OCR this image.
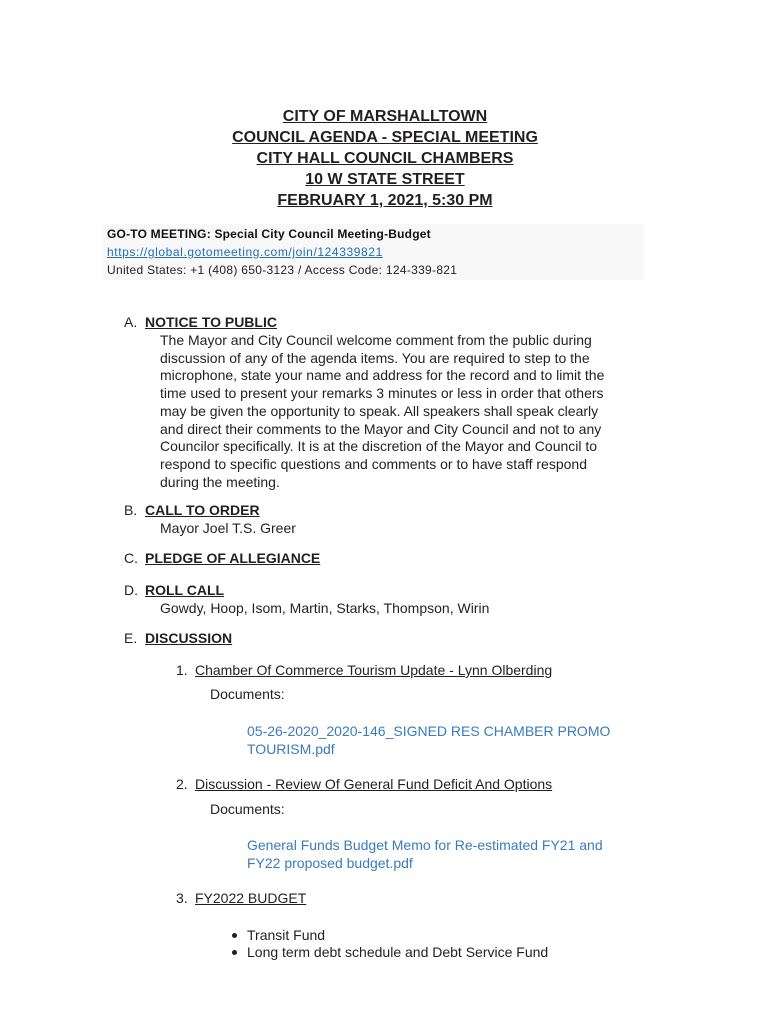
CITY OF MARSHALLTOWN
COUNCIL AGENDA - SPECIAL MEETING
CITY HALL COUNCIL CHAMBERS
10 W STATE STREET
FEBRUARY 1, 2021, 5:30 PM
GO-TO MEETING: Special City Council Meeting-Budget
https://global.gotomeeting.com/join/124339821
United States: +1 (408) 650-3123 / Access Code: 124-339-821
A. NOTICE TO PUBLIC
The Mayor and City Council welcome comment from the public during
discussion of any of the agenda items. You are required to step to the
microphone, state your name and address for the record and to limit the
time used to present your remarks 3 minutes or less in order that others
may be given the opportunity to speak. All speakers shall speak clearly
and direct their comments to the Mayor and City Council and not to any
Councilor specifically. It is at the discretion of the Mayor and Council to
respond to specific questions and comments or to have staff respond
during the meeting.
B. CALL TO ORDER
Mayor Joel T.S. Greer
C. PLEDGE OF ALLEGIANCE
D. ROLL CALL
Gowdy, Hoop, Isom, Martin, Starks, Thompson, Wirin
E. DISCUSSION
1. Chamber Of Commerce Tourism Update - Lynn Olberding
Documents:
05-26-2020_2020-146_SIGNED RES CHAMBER PROMO
TOURISM.pdf
2. Discussion - Review Of General Fund Deficit And Options
Documents:
General Funds Budget Memo for Re-estimated FY21 and
FY22 proposed budget.pdf
3. FY2022 BUDGET
Transit Fund
Long term debt schedule and Debt Service Fund
